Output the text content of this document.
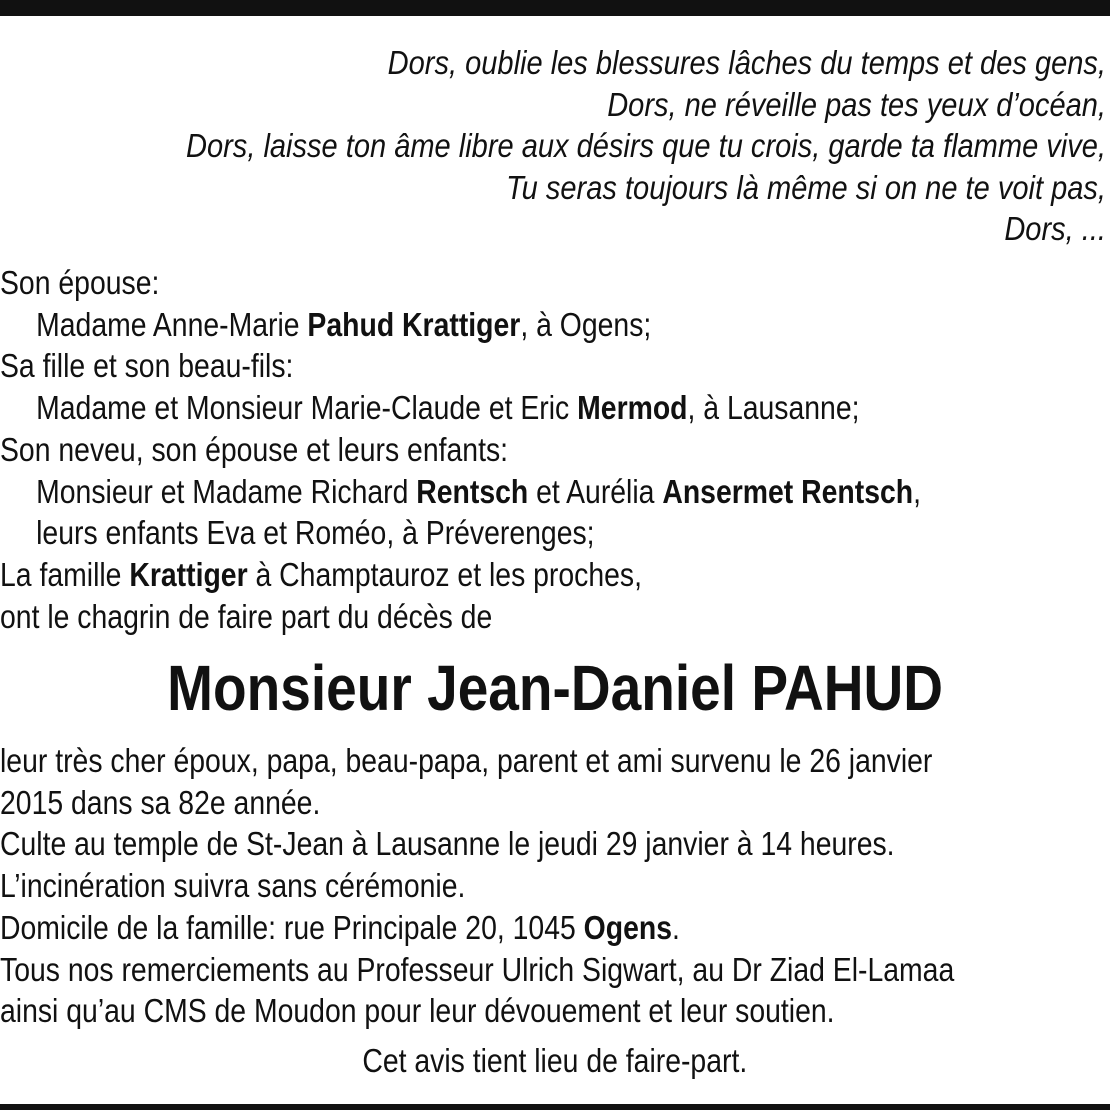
Dors, oublie les blessures lâches du temps et des gens,
Dors, ne réveille pas tes yeux d’océan,
Dors, laisse ton âme libre aux désirs que tu crois, garde ta flamme vive,
Tu seras toujours là même si on ne te voit pas,
Dors, ...
Son épouse:
Madame Anne-Marie Pahud Krattiger, à Ogens;
Sa fille et son beau-fils:
Madame et Monsieur Marie-Claude et Eric Mermod, à Lausanne;
Son neveu, son épouse et leurs enfants:
Monsieur et Madame Richard Rentsch et Aurélia Ansermet Rentsch,
leurs enfants Eva et Roméo, à Préverenges;
La famille Krattiger à Champtauroz et les proches,
ont le chagrin de faire part du décès de
Monsieur Jean-Daniel PAHUD
leur très cher époux, papa, beau-papa, parent et ami survenu le 26 janvier
2015 dans sa 82e année.
Culte au temple de St-Jean à Lausanne le jeudi 29 janvier à 14 heures.
L’incinération suivra sans cérémonie.
Domicile de la famille: rue Principale 20, 1045 Ogens.
Tous nos remerciements au Professeur Ulrich Sigwart, au Dr Ziad El-Lamaa
ainsi qu’au CMS de Moudon pour leur dévouement et leur soutien.
Cet avis tient lieu de faire-part.
